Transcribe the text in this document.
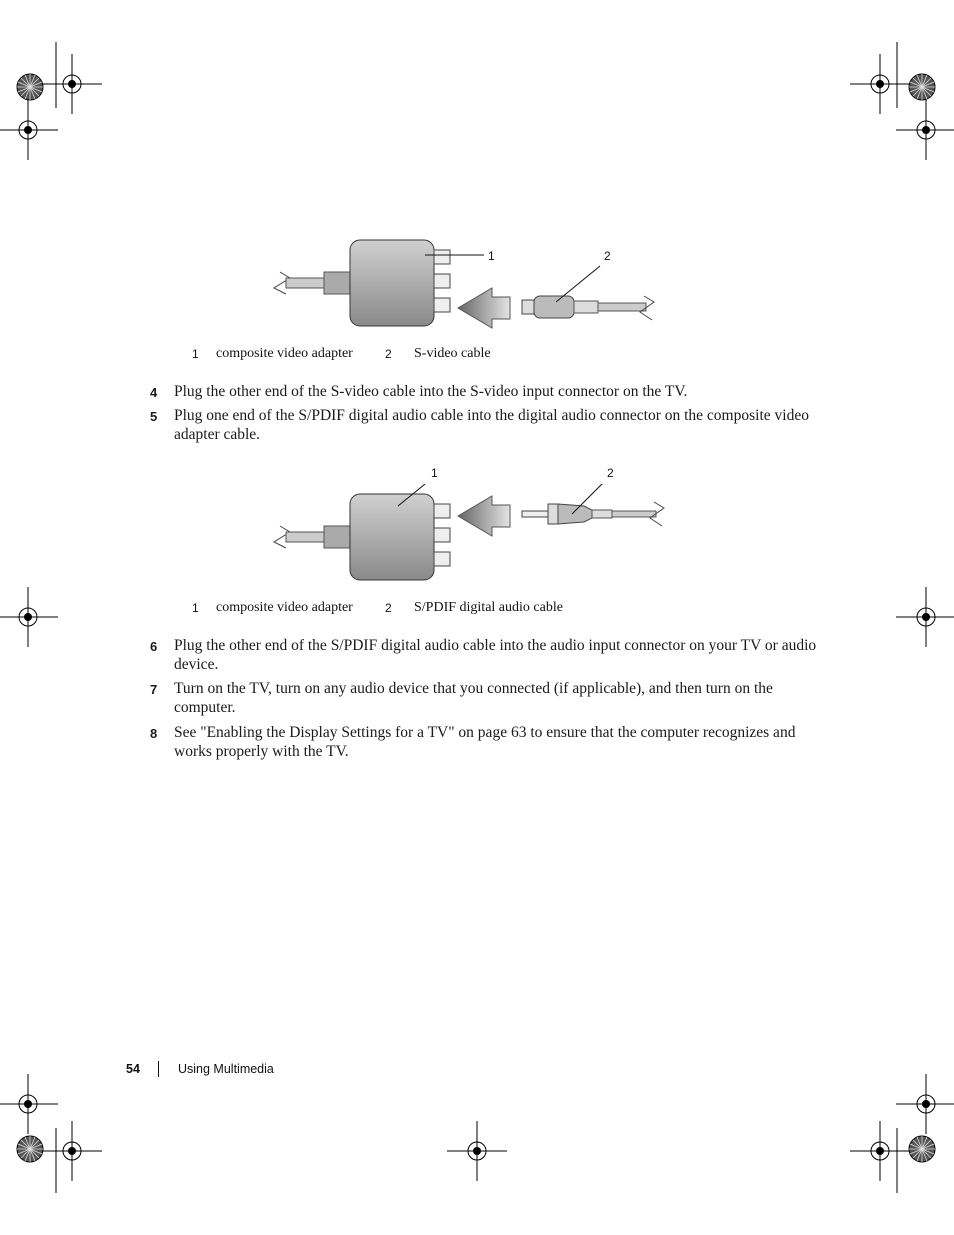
1	2
1 composite video adapter	2 S-video cable
4 Plug the other end of the S-video cable into the S-video input connector on the TV.
5 Plug one end of the S/PDIF digital audio cable into the digital audio connector on the composite video adapter cable.
1	2
1 composite video adapter	2 S/PDIF digital audio cable
6 Plug the other end of the S/PDIF digital audio cable into the audio input connector on your TV or audio device.
7 Turn on the TV, turn on any audio device that you connected (if applicable), and then turn on the computer.
8 See "Enabling the Display Settings for a TV" on page 63 to ensure that the computer recognizes and works properly with the TV.
54	Using Multimedia
